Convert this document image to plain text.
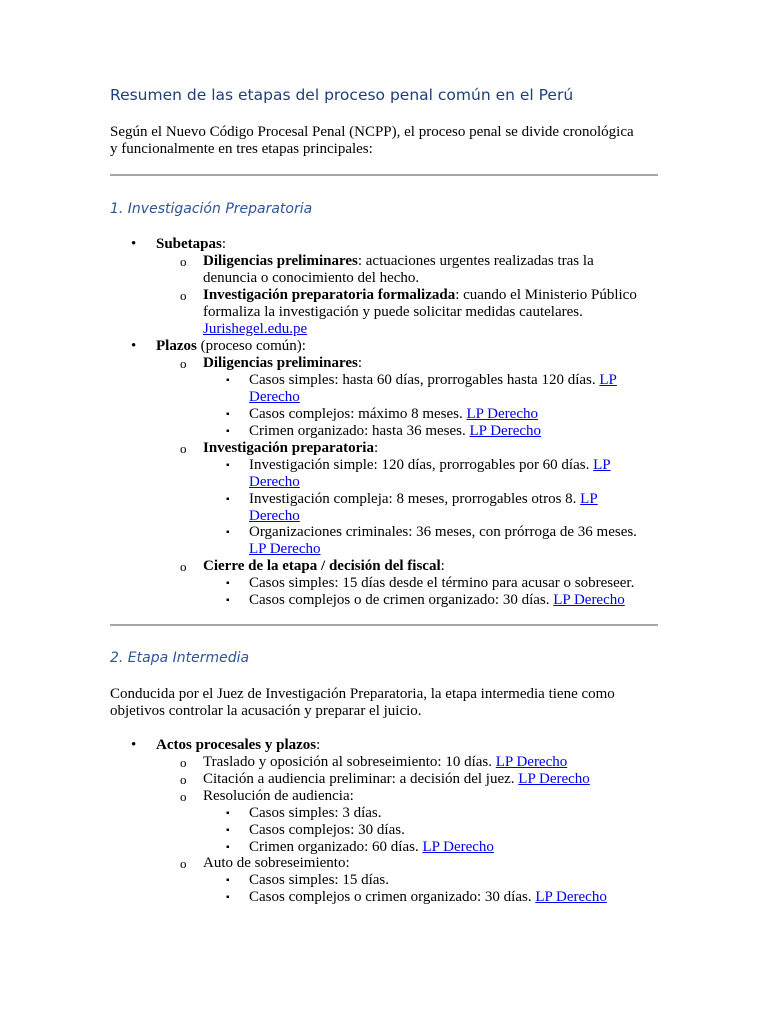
Resumen de las etapas del proceso penal común en el Perú
Según el Nuevo Código Procesal Penal (NCPP), el proceso penal se divide cronológica
y funcionalmente en tres etapas principales:
1. Investigación Preparatoria
• Subetapas:
o Diligencias preliminares: actuaciones urgentes realizadas tras la
denuncia o conocimiento del hecho.
o Investigación preparatoria formalizada: cuando el Ministerio Público
formaliza la investigación y puede solicitar medidas cautelares.
Jurishegel.edu.pe
• Plazos (proceso común):
o Diligencias preliminares:
▪ Casos simples: hasta 60 días, prorrogables hasta 120 días. LP
Derecho
▪ Casos complejos: máximo 8 meses. LP Derecho
▪ Crimen organizado: hasta 36 meses. LP Derecho
o Investigación preparatoria:
▪ Investigación simple: 120 días, prorrogables por 60 días. LP
Derecho
▪ Investigación compleja: 8 meses, prorrogables otros 8. LP
Derecho
▪ Organizaciones criminales: 36 meses, con prórroga de 36 meses.
LP Derecho
o Cierre de la etapa / decisión del fiscal:
▪ Casos simples: 15 días desde el término para acusar o sobreseer.
▪ Casos complejos o de crimen organizado: 30 días. LP Derecho
2. Etapa Intermedia
Conducida por el Juez de Investigación Preparatoria, la etapa intermedia tiene como
objetivos controlar la acusación y preparar el juicio.
• Actos procesales y plazos:
o Traslado y oposición al sobreseimiento: 10 días. LP Derecho
o Citación a audiencia preliminar: a decisión del juez. LP Derecho
o Resolución de audiencia:
▪ Casos simples: 3 días.
▪ Casos complejos: 30 días.
▪ Crimen organizado: 60 días. LP Derecho
o Auto de sobreseimiento:
▪ Casos simples: 15 días.
▪ Casos complejos o crimen organizado: 30 días. LP Derecho
